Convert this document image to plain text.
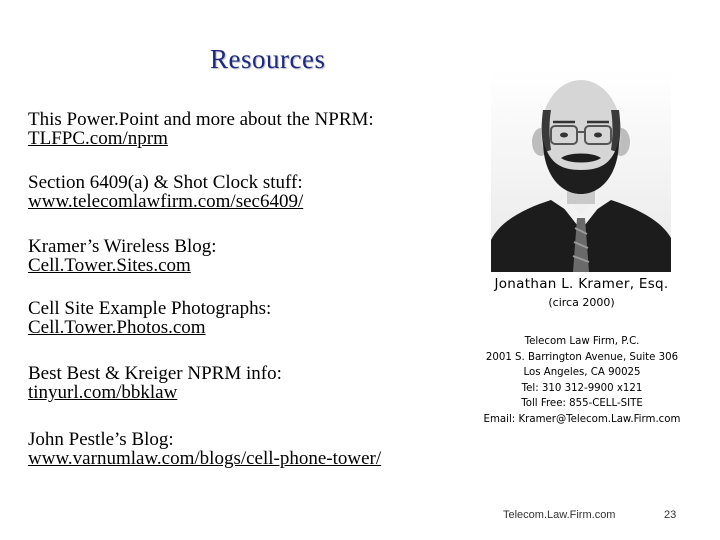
Resources
This Power.Point and more about the NPRM:
TLFPC.com/nprm
Section 6409(a) & Shot Clock stuff:
www.telecomlawfirm.com/sec6409/
Kramer’s Wireless Blog:
Cell.Tower.Sites.com
Cell Site Example Photographs:
Cell.Tower.Photos.com
Best Best & Kreiger NPRM info:
tinyurl.com/bbklaw
John Pestle’s Blog:
www.varnumlaw.com/blogs/cell-phone-tower/
Jonathan L. Kramer, Esq.
(circa 2000)
Telecom Law Firm, P.C.
2001 S. Barrington Avenue, Suite 306
Los Angeles, CA 90025
Tel: 310 312-9900 x121
Toll Free: 855-CELL-SITE
Email: Kramer@Telecom.Law.Firm.com
Telecom.Law.Firm.com	23
